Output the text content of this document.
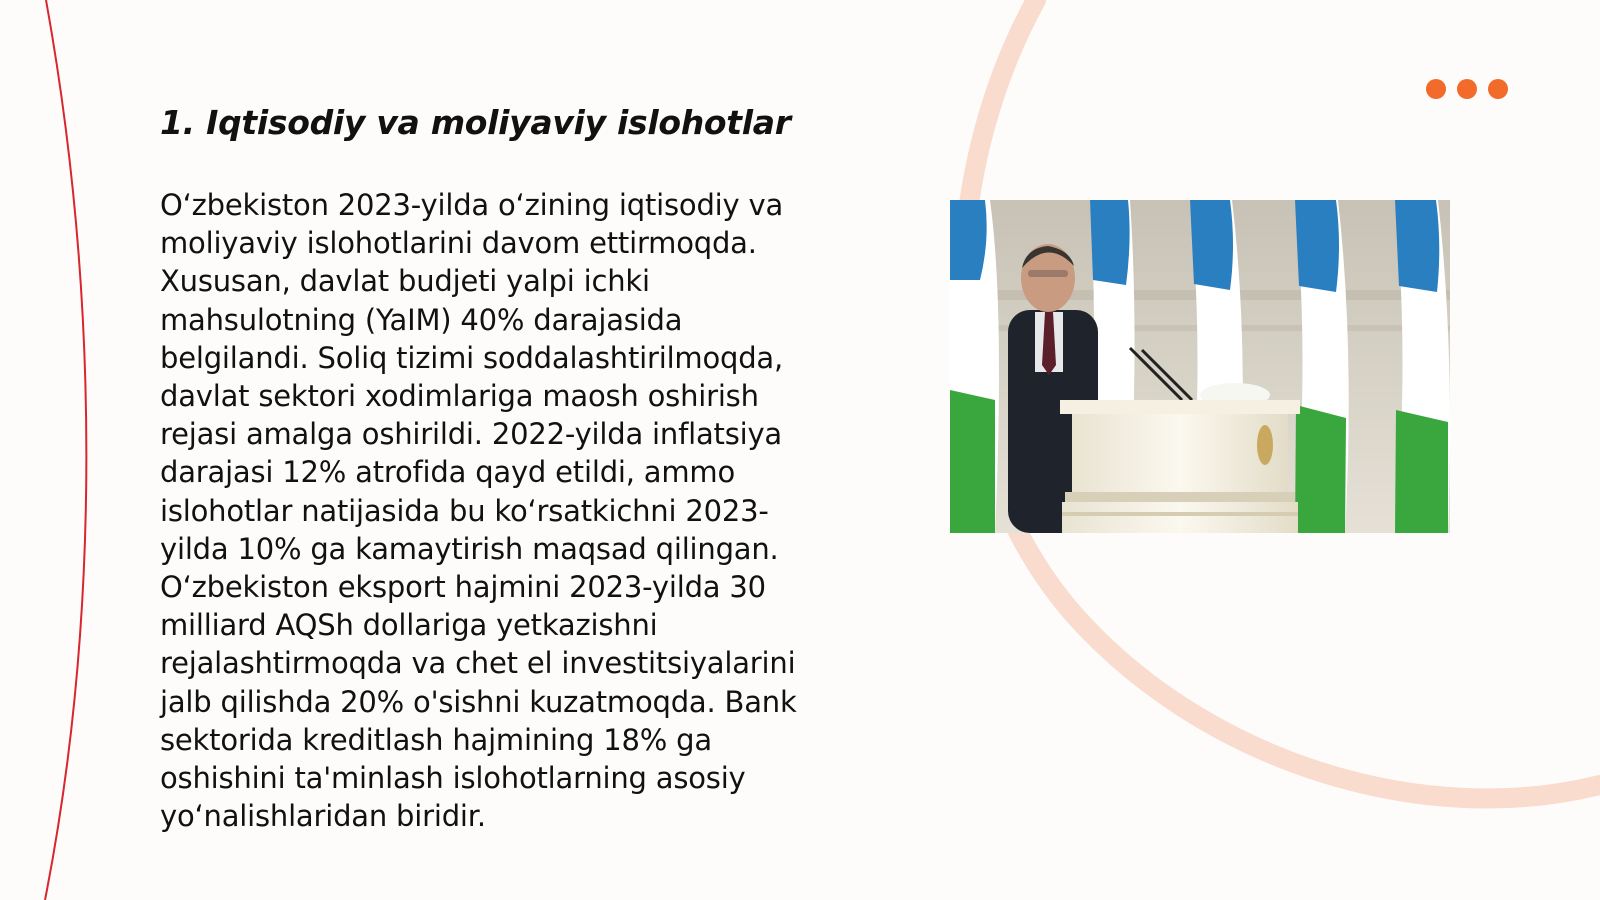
1. Iqtisodiy va moliyaviy islohotlar

O‘zbekiston 2023-yilda o‘zining iqtisodiy va moliyaviy islohotlarini davom ettirmoqda. Xususan, davlat budjeti yalpi ichki mahsulotning (YaIM) 40% darajasida belgilandi. Soliq tizimi soddalashtirilmoqda, davlat sektori xodimlariga maosh oshirish rejasi amalga oshirildi. 2022-yilda inflatsiya darajasi 12% atrofida qayd etildi, ammo islohotlar natijasida bu ko‘rsatkichni 2023-yilda 10% ga kamaytirish maqsad qilingan. O‘zbekiston eksport hajmini 2023-yilda 30 milliard AQSh dollariga yetkazishni rejalashtirmoqda va chet el investitsiyalarini jalb qilishda 20% o'sishni kuzatmoqda. Bank sektorida kreditlash hajmining 18% ga oshishini ta'minlash islohotlarning asosiy yo‘nalishlaridan biridir.
